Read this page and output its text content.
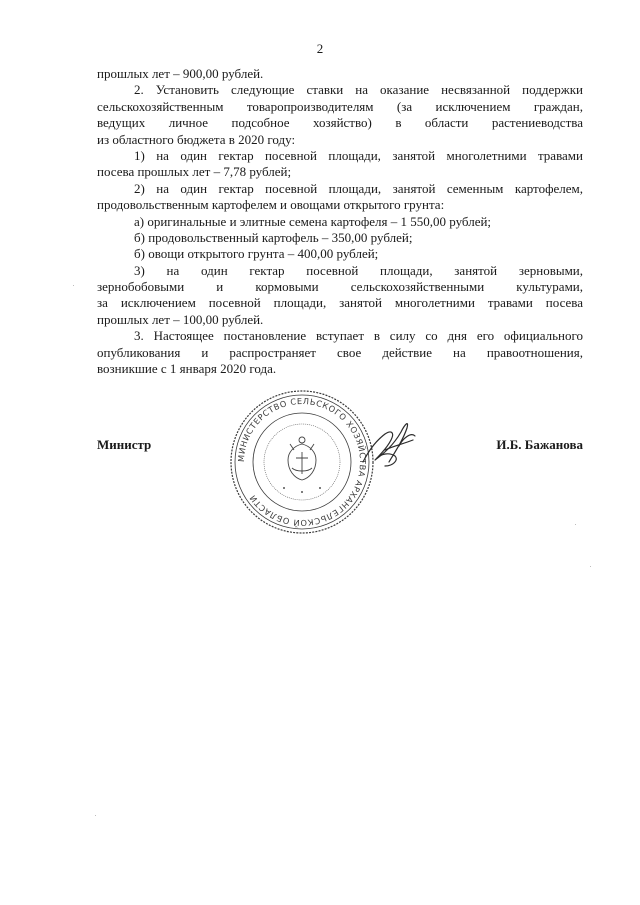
2
прошлых лет – 900,00 рублей.
2. Установить следующие ставки на оказание несвязанной поддержки
сельскохозяйственным товаропроизводителям (за исключением граждан,
ведущих личное подсобное хозяйство) в области растениеводства
из областного бюджета в 2020 году:
1) на один гектар посевной площади, занятой многолетними травами
посева прошлых лет – 7,78 рублей;
2) на один гектар посевной площади, занятой семенным картофелем,
продовольственным картофелем и овощами открытого грунта:
а) оригинальные и элитные семена картофеля – 1 550,00 рублей;
б) продовольственный картофель – 350,00 рублей;
б) овощи открытого грунта – 400,00 рублей;
3) на один гектар посевной площади, занятой зерновыми,
зернобобовыми и кормовыми сельскохозяйственными культурами,
за исключением посевной площади, занятой многолетними травами посева
прошлых лет – 100,00 рублей.
3. Настоящее постановление вступает в силу со дня его официального
опубликования и распространяет свое действие на правоотношения,
возникшие с 1 января 2020 года.
МИНИСТЕРСТВО СЕЛЬСКОГО ХОЗЯЙСТВА АРХАНГЕЛЬСКОЙ ОБЛАСТИ
Министр	И.Б. Бажанова
